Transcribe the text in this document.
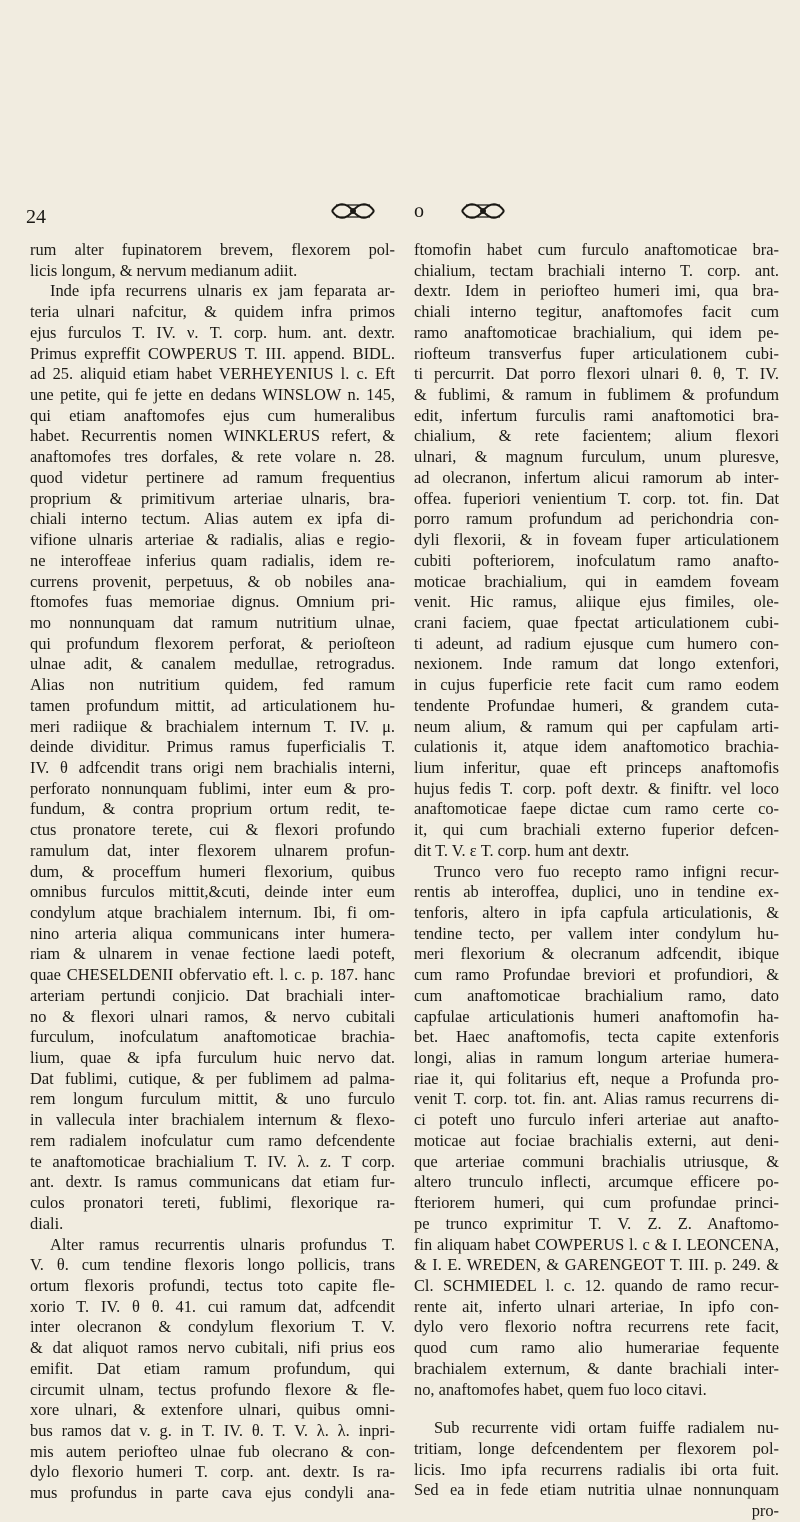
24	o
rum alter fupinatorem brevem, flexorem pol-
licis longum, & nervum medianum adiit.
Inde ipfa recurrens ulnaris ex jam feparata ar-
teria ulnari nafcitur, & quidem infra primos
ejus furculos T. IV. ν. T. corp. hum. ant. dextr.
Primus expreffit COWPERUS T. III. append. BIDL.
ad 25. aliquid etiam habet VERHEYENIUS l. c. Eft
une petite, qui fe jette en dedans WINSLOW n. 145,
qui etiam anaftomofes ejus cum humeralibus
habet. Recurrentis nomen WINKLERUS refert, &
anaftomofes tres dorfales, & rete volare n. 28.
quod videtur pertinere ad ramum frequentius
proprium & primitivum arteriae ulnaris, bra-
chiali interno tectum. Alias autem ex ipfa di-
vifione ulnaris arteriae & radialis, alias e regio-
ne interoffeae inferius quam radialis, idem re-
currens provenit, perpetuus, & ob nobiles ana-
ftomofes fuas memoriae dignus. Omnium pri-
mo nonnunquam dat ramum nutritium ulnae,
qui profundum flexorem perforat, & perioſteon
ulnae adit, & canalem medullae, retrogradus.
Alias non nutritium quidem, fed ramum
tamen profundum mittit, ad articulationem hu-
meri radiique & brachialem internum T. IV. μ.
deinde dividitur. Primus ramus fuperficialis T.
IV. θ adfcendit trans origi nem brachialis interni,
perforato nonnunquam fublimi, inter eum & pro-
fundum, & contra proprium ortum redit, te-
ctus pronatore terete, cui & flexori profundo
ramulum dat, inter flexorem ulnarem profun-
dum, & proceffum humeri flexorium, quibus
omnibus furculos mittit,&cuti, deinde inter eum
condylum atque brachialem internum. Ibi, fi om-
nino arteria aliqua communicans inter humera-
riam & ulnarem in venae fectione laedi poteft,
quae CHESELDENII obfervatio eft. l. c. p. 187. hanc
arteriam pertundi conjicio. Dat brachiali inter-
no & flexori ulnari ramos, & nervo cubitali
furculum, inofculatum anaftomoticae brachia-
lium, quae & ipfa furculum huic nervo dat.
Dat fublimi, cutique, & per fublimem ad palma-
rem longum furculum mittit, & uno furculo
in vallecula inter brachialem internum & flexo-
rem radialem inofculatur cum ramo defcendente
te anaftomoticae brachialium T. IV. λ. z. T corp.
ant. dextr. Is ramus communicans dat etiam fur-
culos pronatori tereti, fublimi, flexorique ra-
diali.
Alter ramus recurrentis ulnaris profundus T.
V. θ. cum tendine flexoris longo pollicis, trans
ortum flexoris profundi, tectus toto capite fle-
xorio T. IV. θ θ. 41. cui ramum dat, adfcendit
inter olecranon & condylum flexorium T. V.
& dat aliquot ramos nervo cubitali, nifi prius eos
emifit. Dat etiam ramum profundum, qui
circumit ulnam, tectus profundo flexore & fle-
xore ulnari, & extenfore ulnari, quibus omni-
bus ramos dat v. g. in T. IV. θ. T. V. λ. λ. inpri-
mis autem periofteo ulnae fub olecrano & con-
dylo flexorio humeri T. corp. ant. dextr. Is ra-
mus profundus in parte cava ejus condyli ana-
ftomofin habet cum furculo anaftomoticae bra-
chialium, tectam brachiali interno T. corp. ant.
dextr. Idem in periofteo humeri imi, qua bra-
chiali interno tegitur, anaftomofes facit cum
ramo anaftomoticae brachialium, qui idem pe-
riofteum transverfus fuper articulationem cubi-
ti percurrit. Dat porro flexori ulnari θ. θ, T. IV.
& fublimi, & ramum in fublimem & profundum
edit, infertum furculis rami anaftomotici bra-
chialium, & rete facientem; alium flexori
ulnari, & magnum furculum, unum pluresve,
ad olecranon, infertum alicui ramorum ab inter-
offea. fuperiori venientium T. corp. tot. fin. Dat
porro ramum profundum ad perichondria con-
dyli flexorii, & in foveam fuper articulationem
cubiti pofteriorem, inofculatum ramo anafto-
moticae brachialium, qui in eamdem foveam
venit. Hic ramus, aliique ejus fimiles, ole-
crani faciem, quae fpectat articulationem cubi-
ti adeunt, ad radium ejusque cum humero con-
nexionem. Inde ramum dat longo extenfori,
in cujus fuperficie rete facit cum ramo eodem
tendente Profundae humeri, & grandem cuta-
neum alium, & ramum qui per capfulam arti-
culationis it, atque idem anaftomotico brachia-
lium inferitur, quae eft princeps anaftomofis
hujus fedis T. corp. poft dextr. & finiftr. vel loco
anaftomoticae faepe dictae cum ramo certe co-
it, qui cum brachiali externo fuperior defcen-
dit T. V. ε T. corp. hum ant dextr.
Trunco vero fuo recepto ramo infigni recur-
rentis ab interoffea, duplici, uno in tendine ex-
tenforis, altero in ipfa capfula articulationis, &
tendine tecto, per vallem inter condylum hu-
meri flexorium & olecranum adfcendit, ibique
cum ramo Profundae breviori et profundiori, &
cum anaftomoticae brachialium ramo, dato
capfulae articulationis humeri anaftomofin ha-
bet. Haec anaftomofis, tecta capite extenforis
longi, alias in ramum longum arteriae humera-
riae it, qui folitarius eft, neque a Profunda pro-
venit T. corp. tot. fin. ant. Alias ramus recurrens di-
ci poteft uno furculo inferi arteriae aut anafto-
moticae aut fociae brachialis externi, aut deni-
que arteriae communi brachialis utriusque, &
altero trunculo inflecti, arcumque efficere po-
fteriorem humeri, qui cum profundae princi-
pe trunco exprimitur T. V. Z. Z. Anaftomo-
fin aliquam habet COWPERUS l. c & I. LEONCENA,
& I. E. WREDEN, & GARENGEOT T. III. p. 249. &
Cl. SCHMIEDEL l. c. 12. quando de ramo recur-
rente ait, inferto ulnari arteriae, In ipfo con-
dylo vero flexorio noftra recurrens rete facit,
quod cum ramo alio humerariae fequente
brachialem externum, & dante brachiali inter-
no, anaftomofes habet, quem fuo loco citavi.
Sub recurrente vidi ortam fuiffe radialem nu-
tritiam, longe defcendentem per flexorem pol-
licis. Imo ipfa recurrens radialis ibi orta fuit.
Sed ea in fede etiam nutritia ulnae nonnunquam
pro-
